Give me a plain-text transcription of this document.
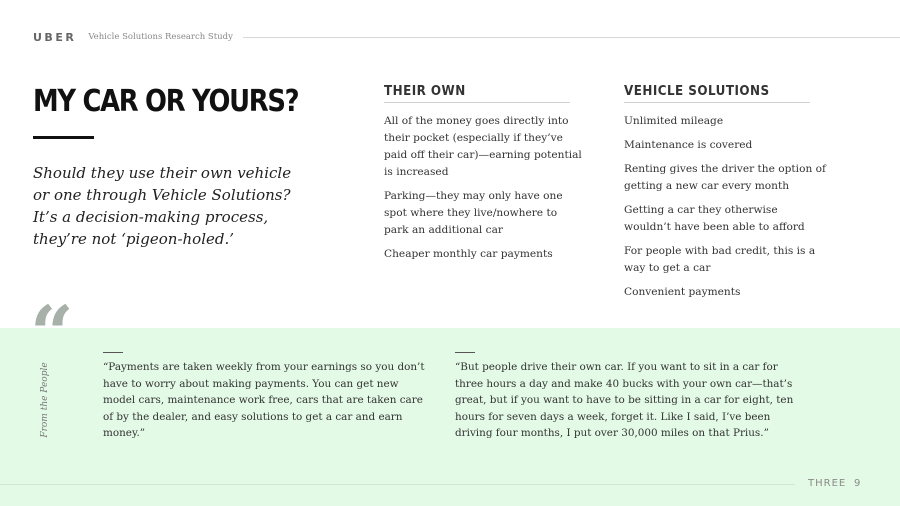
UBER Vehicle Solutions Research Study
MY CAR OR YOURS?
Should they use their own vehicle or one through Vehicle Solutions? It’s a decision-making process, they’re not ‘pigeon-holed.’
THEIR OWN
All of the money goes directly into their pocket (especially if they’ve paid off their car)—earning potential is increased
Parking—they may only have one spot where they live/nowhere to park an additional car
Cheaper monthly car payments
VEHICLE SOLUTIONS
Unlimited mileage
Maintenance is covered
Renting gives the driver the option of getting a new car every month
Getting a car they otherwise wouldn’t have been able to afford
For people with bad credit, this is a way to get a car
Convenient payments
“
From the People	“Payments are taken weekly from your earnings so you don’t have to worry about making payments. You can get new model cars, maintenance work free, cars that are taken care of by the dealer, and easy solutions to get a car and earn money.”
“But people drive their own car. If you want to sit in a car for three hours a day and make 40 bucks with your own car—that’s great, but if you want to have to be sitting in a car for eight, ten hours for seven days a week, forget it. Like I said, I’ve been driving four months, I put over 30,000 miles on that Prius.”
THREE 9
